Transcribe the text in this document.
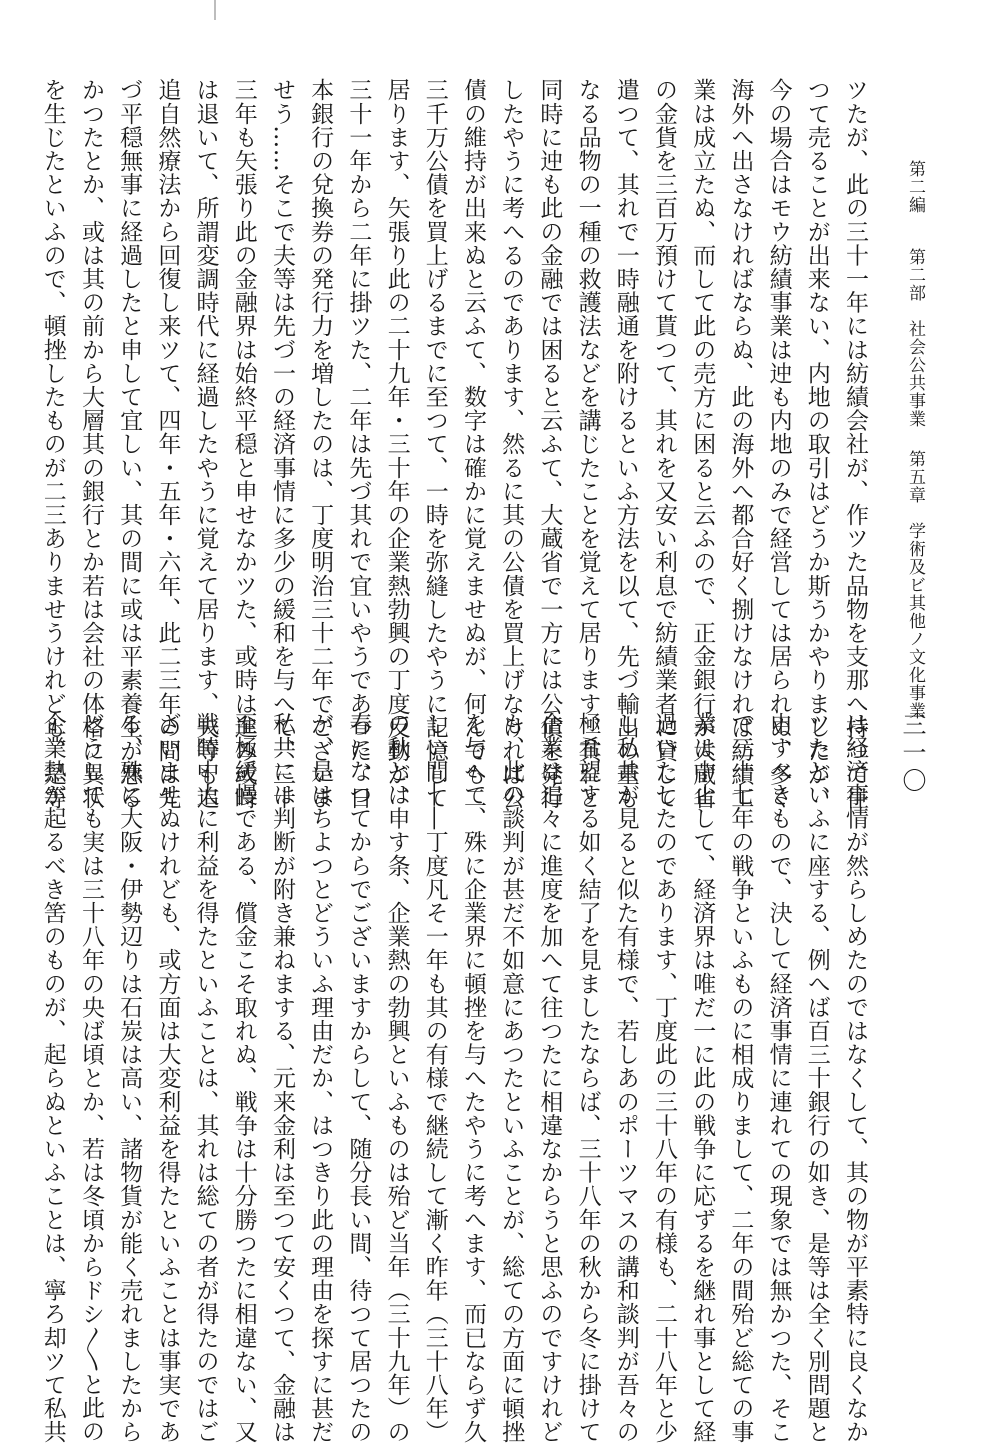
第二編第二部　社会公共事業第五章　学術及ビ其他ノ文化事業
ツたが、此の三十一年には紡績会社が、作ツた品物を支那へ持つて往
つて売ることが出来ない、内地の取引はどうか斯うかやりましたが、
今の場合はモウ紡績事業は迚も内地のみで経営しては居られぬ、多く
海外へ出さなければならぬ、此の海外へ都合好く捌けなければ紡績工
業は成立たぬ、而して此の売方に困ると云ふので、正金銀行が大蔵省
の金貨を三百万預けて貰つて、其れを又安い利息で紡績業者に貸して
遣つて、其れで一時融通を附けるといふ方法を以て、先づ輸出の重も
なる品物の一種の救護法などを講じたことを覚えて居ります、其れと
同時に迚も此の金融では困ると云ふて、大蔵省で一方には公債を発行
したやうに考へるのであります、然るに其の公債を買上げなければ公
債の維持が出来ぬと云ふて、数字は確かに覚えませぬが、何んでも二
三千万公債を買上げるまでに至つて、一時を弥縫したやうに記憶して
居ります、矢張り此の二十九年・三十年の企業熱勃興の丁度反動が、
三十一年から二年に掛ツた、二年は先づ其れで宜いやうであつた、日
本銀行の兌換券の発行力を増したのは、丁度明治三十二年でございま
せう……そこで夫等は先づ一の経済事情に多少の緩和を与へて、三十
三年も矢張り此の金融界は始終平穏と申せなかツた、或時は進み或時
は退いて、所謂変調時代に経過したやうに覚えて居ります、夫等も追
追自然療法から回復し来ツて、四年・五年・六年、此二三年の間は先
づ平穏無事に経過したと申して宜しい、其の間に或は平素養生が悪る
かつたとか、或は其の前から大層其の銀行とか若は会社の体格に異状
を生じたといふので、頓挫したものが二三ありませうけれども、是等	三一〇
は経済事情が然らしめたのではなくして、其の物が平素特に良くなか
ツたといふに座する、例へば百三十銀行の如き、是等は全く別問題と
申すべきもので、決して経済事情に連れての現象では無かつた、そこ
で三十七年の戦争といふものに相成りまして、二年の間殆ど総ての事
業は中止して、経済界は唯だ一に此の戦争に応ずるを継れ事として経
過いたしたのであります、丁度此の三十八年の有様も、二十八年と少
し私共が見ると似た有様で、若しあのポーツマスの講和談判が吾々の
極希望する如く結了を見ましたならば、三十八年の秋から冬に掛けて
企業は追々に進度を加へて往つたに相違なからうと思ふのですけれど
も、此の談判が甚だ不如意にあつたといふことが、総ての方面に頓挫
を与へて、殊に企業界に頓挫を与へたやうに考へます、而已ならず久
しい間――丁度凡そ一年も其の有様で継続して漸く昨年（三十八年）
の秋とは申す条、企業熱の勃興といふものは殆ど当年（三十九年）の
春になつてからでございますからして、随分長い間、待つて居つたの
が、是はちよつとどういふ理由だか、はつきり此の理由を探すに甚だ
私共には判断が附き兼ねまする、元来金利は至つて安くつて、金融は
至極緩慢である、償金こそ取れぬ、戦争は十分勝つたに相違ない、又
戦時中大に利益を得たといふことは、其れは総ての者が得たのではご
ざいませぬけれども、或方面は大変利益を得たといふことは事実であ
る、殊に大阪・伊勢辺りは石炭は高い、諸物貨が能く売れましたから
どうしても実は三十八年の央ば頃とか、若は冬頃からドシ〳〵と此の
企業熱が起るべき筈のものが、起らぬといふことは、寧ろ却ツて私共
